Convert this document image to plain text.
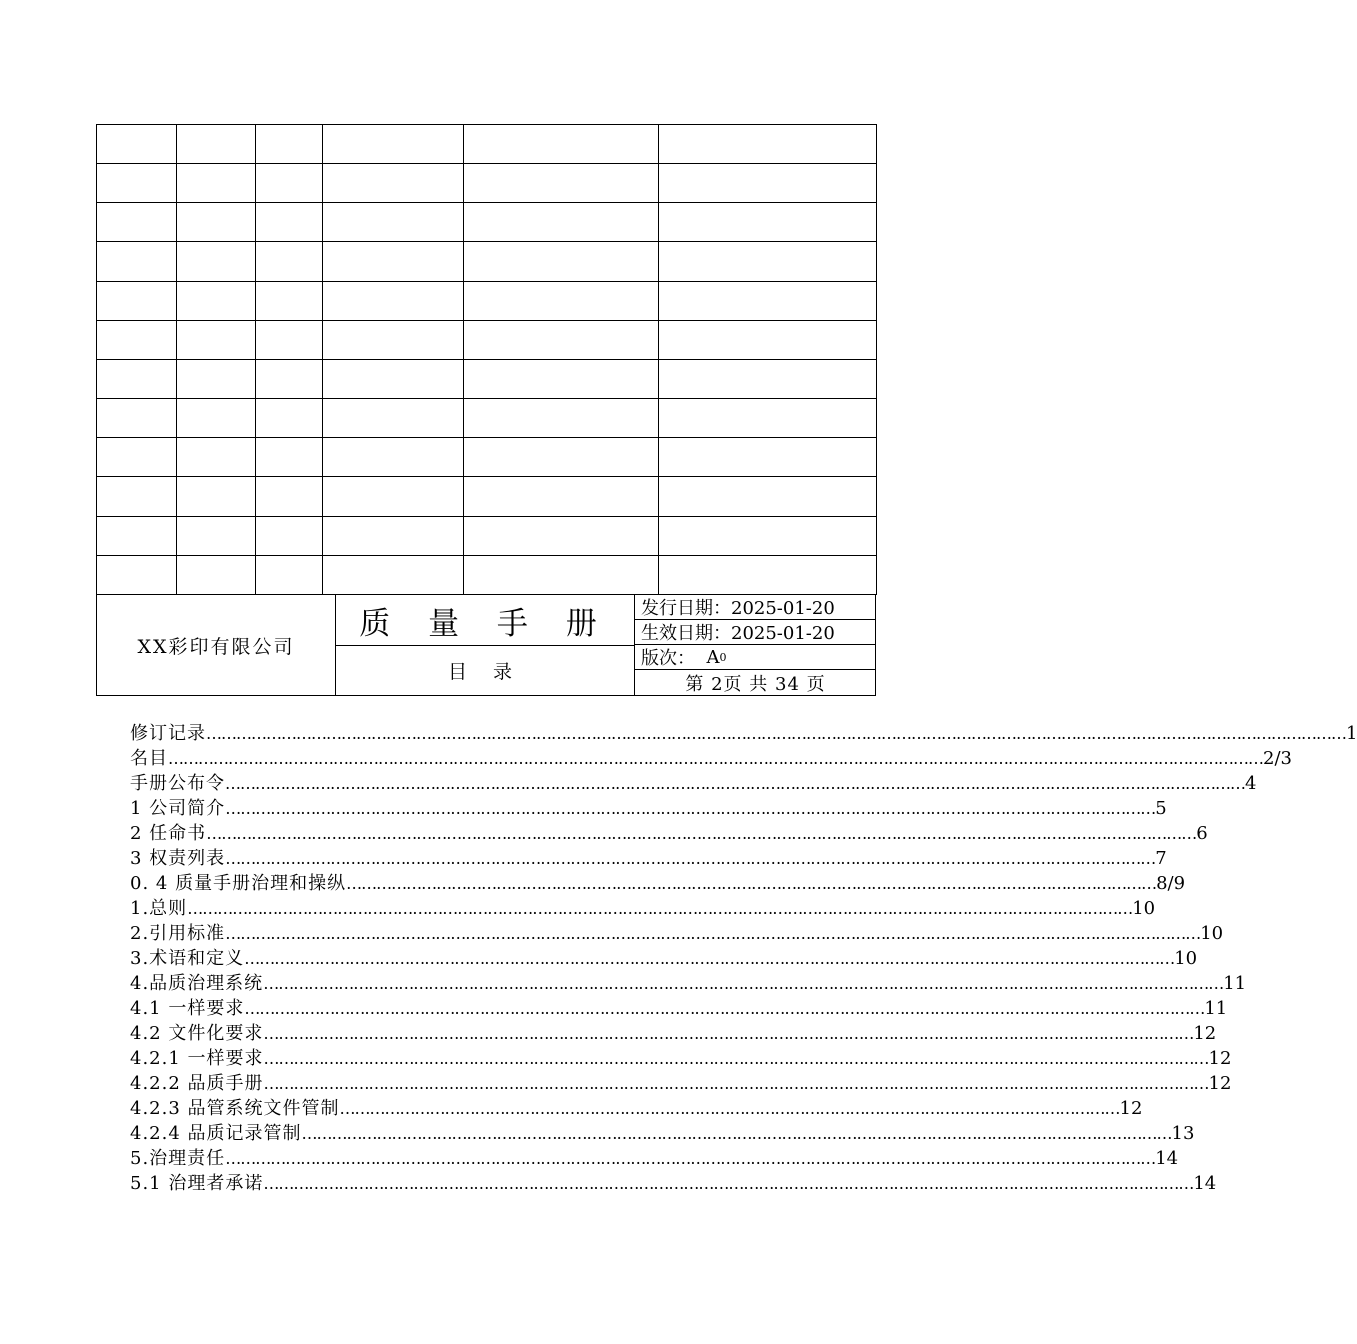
XX彩印有限公司
质 量 手 册
目 录
发行日期：2025-01-20
生效日期：2025-01-20
版次：
A 0
第 2页 共 34 页
修订记录 ………………………………………………………………………………………………………………………………………………………………………………………………………… 1
名目 ………………………………………………………………………………………………………………………………………………………………………………………………… 2/3
手册公布令 …………………………………………………………………………………………………………………………………………………………………………………… 4
1 公司简介 …………………………………………………………………………………………………………………………………………………………………… 5
2 任命书 ……………………………………………………………………………………………………………………………………………………………………………… 6
3 权责列表 …………………………………………………………………………………………………………………………………………………………………… 7
0. 4 质量手册治理和操纵 ……………………………………………………………………………………………………………………………………………… 8/9
1.总则 ……………………………………………………………………………………………………………………………………………………………………… 10
2.引用标准 …………………………………………………………………………………………………………………………………………………………………………… 10
3.术语和定义 …………………………………………………………………………………………………………………………………………………………………… 10
4.品质治理系统 ………………………………………………………………………………………………………………………………………………………………………… 11
4.1 一样要求 ………………………………………………………………………………………………………………………………………………………………………… 11
4.2 文件化要求 …………………………………………………………………………………………………………………………………………………………………… 12
4.2.1 一样要求 ……………………………………………………………………………………………………………………………………………………………………… 12
4.2.2 品质手册 ……………………………………………………………………………………………………………………………………………………………………… 12
4.2.3 品管系统文件管制 ………………………………………………………………………………………………………………………………………… 12
4.2.4 品质记录管制 ………………………………………………………………………………………………………………………………………………………… 13
5.治理责任 …………………………………………………………………………………………………………………………………………………………………… 14
5.1 治理者承诺 …………………………………………………………………………………………………………………………………………………………………… 14
